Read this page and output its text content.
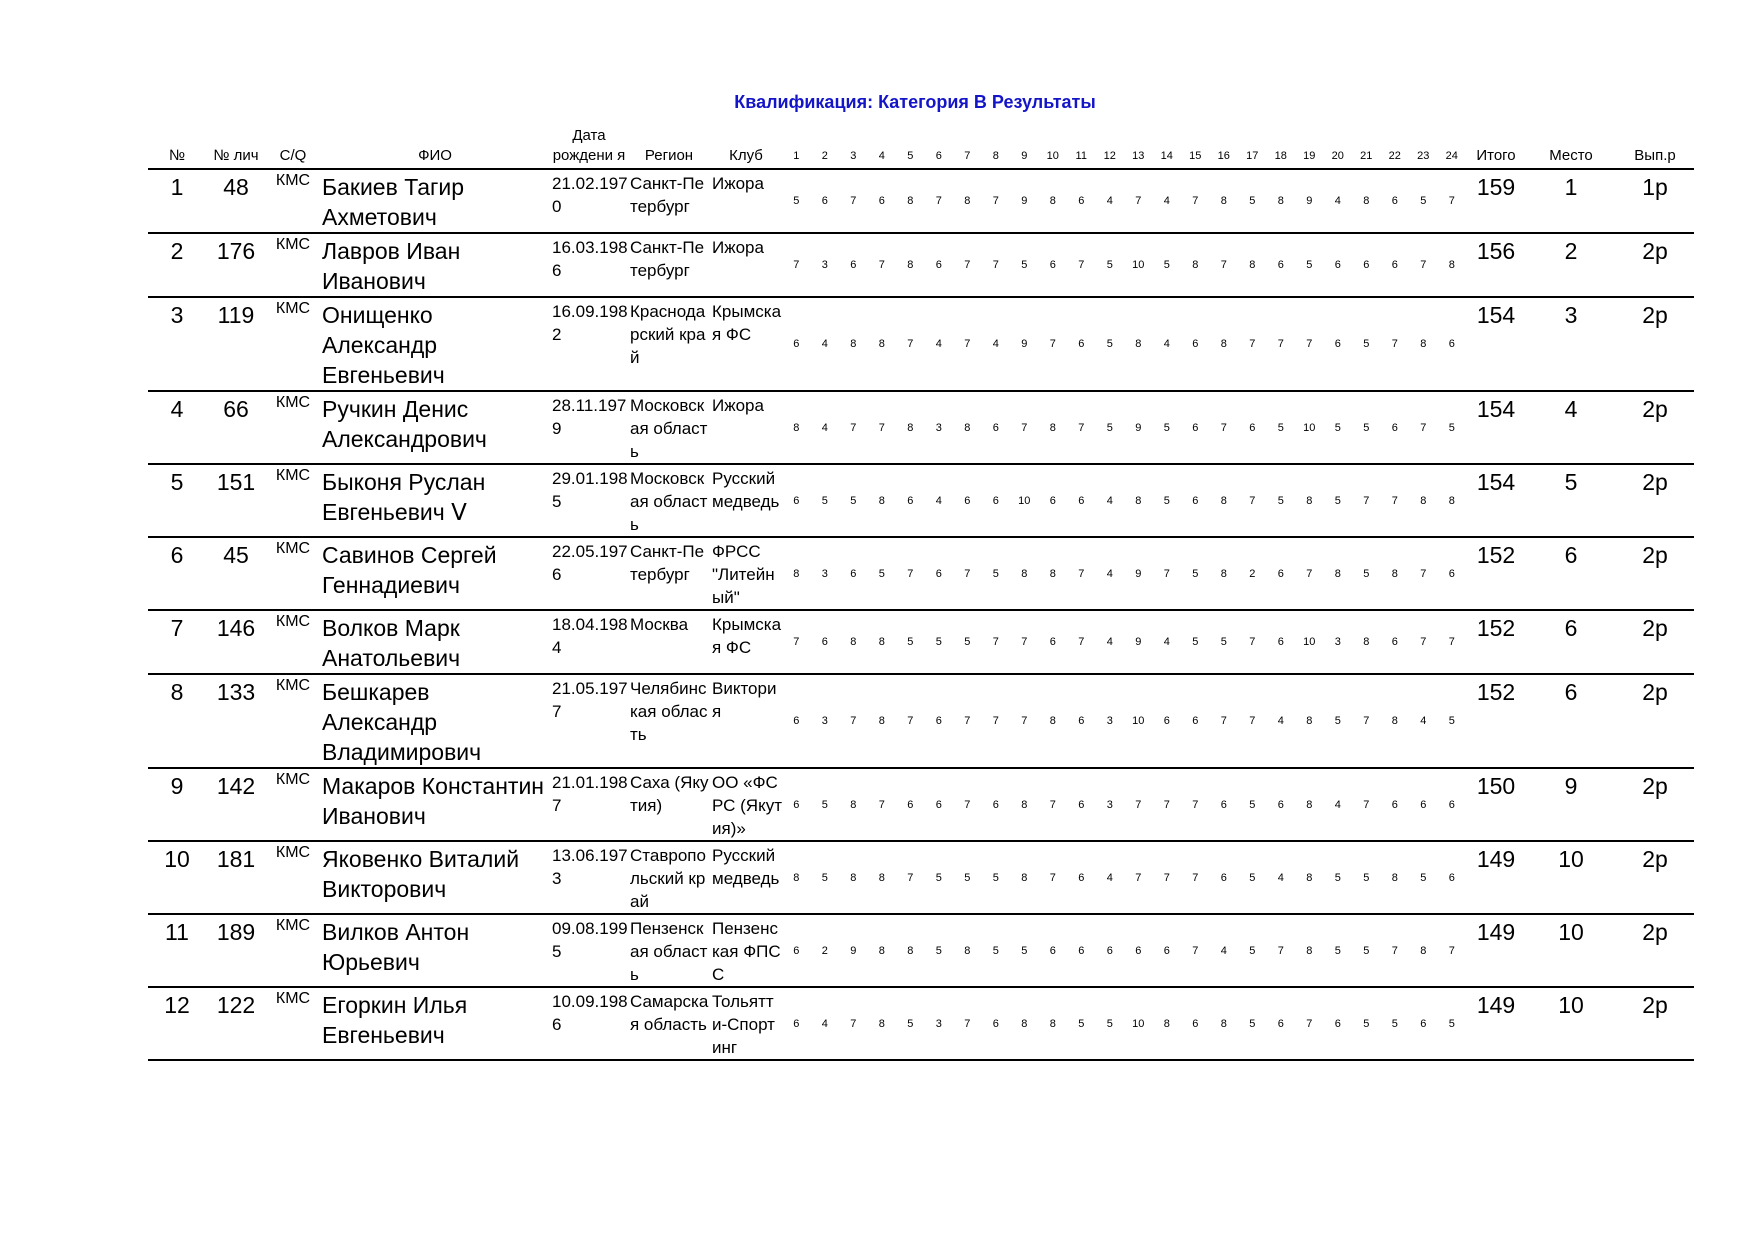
Квалификация: Категория В Результаты
№	№ лич	C/Q	ФИО	Дата рождени я	Регион	Клуб	1	2	3	4	5	6	7	8	9	10	11	12	13	14	15	16	17	18	19	20	21	22	23	24	Итого	Место	Вып.р
1	48	КМС	Бакиев Тагир Ахметович	21.02.1970	Санкт-Петербург	Ижора	5	6	7	6	8	7	8	7	9	8	6	4	7	4	7	8	5	8	9	4	8	6	5	7	159	1	1р
2	176	КМС	Лавров Иван Иванович	16.03.1986	Санкт-Петербург	Ижора	7	3	6	7	8	6	7	7	5	6	7	5	10	5	8	7	8	6	5	6	6	6	7	8	156	2	2р
3	119	КМС	Онищенко Александр Евгеньевич	16.09.1982	Краснодарский край	Крымская ФС	6	4	8	8	7	4	7	4	9	7	6	5	8	4	6	8	7	7	7	6	5	7	8	6	154	3	2р
4	66	КМС	Ручкин Денис Александрович	28.11.1979	Московская область	Ижора	8	4	7	7	8	3	8	6	7	8	7	5	9	5	6	7	6	5	10	5	5	6	7	5	154	4	2р
5	151	КМС	Быконя Руслан Евгеньевич ᐯ	29.01.1985	Московская область	Русский медведь	6	5	5	8	6	4	6	6	10	6	6	4	8	5	6	8	7	5	8	5	7	7	8	8	154	5	2р
6	45	КМС	Савинов Сергей Геннадиевич	22.05.1976	Санкт-Петербург	ФРСС "Литейный"	8	3	6	5	7	6	7	5	8	8	7	4	9	7	5	8	2	6	7	8	5	8	7	6	152	6	2р
7	146	КМС	Волков Марк Анатольевич	18.04.1984	Москва	Крымская ФС	7	6	8	8	5	5	5	7	7	6	7	4	9	4	5	5	7	6	10	3	8	6	7	7	152	6	2р
8	133	КМС	Бешкарев Александр Владимирович	21.05.1977	Челябинская область	Виктория	6	3	7	8	7	6	7	7	7	8	6	3	10	6	6	7	7	4	8	5	7	8	4	5	152	6	2р
9	142	КМС	Макаров Константин Иванович	21.01.1987	Саха (Якутия)	ОО «ФС РС (Якутия)»	6	5	8	7	6	6	7	6	8	7	6	3	7	7	7	6	5	6	8	4	7	6	6	6	150	9	2р
10	181	КМС	Яковенко Виталий Викторович	13.06.1973	Ставропольский край	Русский медведь	8	5	8	8	7	5	5	5	8	7	6	4	7	7	7	6	5	4	8	5	5	8	5	6	149	10	2р
11	189	КМС	Вилков Антон Юрьевич	09.08.1995	Пензенская область	Пензенская ФПСС	6	2	9	8	8	5	8	5	5	6	6	6	6	6	7	4	5	7	8	5	5	7	8	7	149	10	2р
12	122	КМС	Егоркин Илья Евгеньевич	10.09.1986	Самарская область	Тольятти-Спортинг	6	4	7	8	5	3	7	6	8	8	5	5	10	8	6	8	5	6	7	6	5	5	6	5	149	10	2р
